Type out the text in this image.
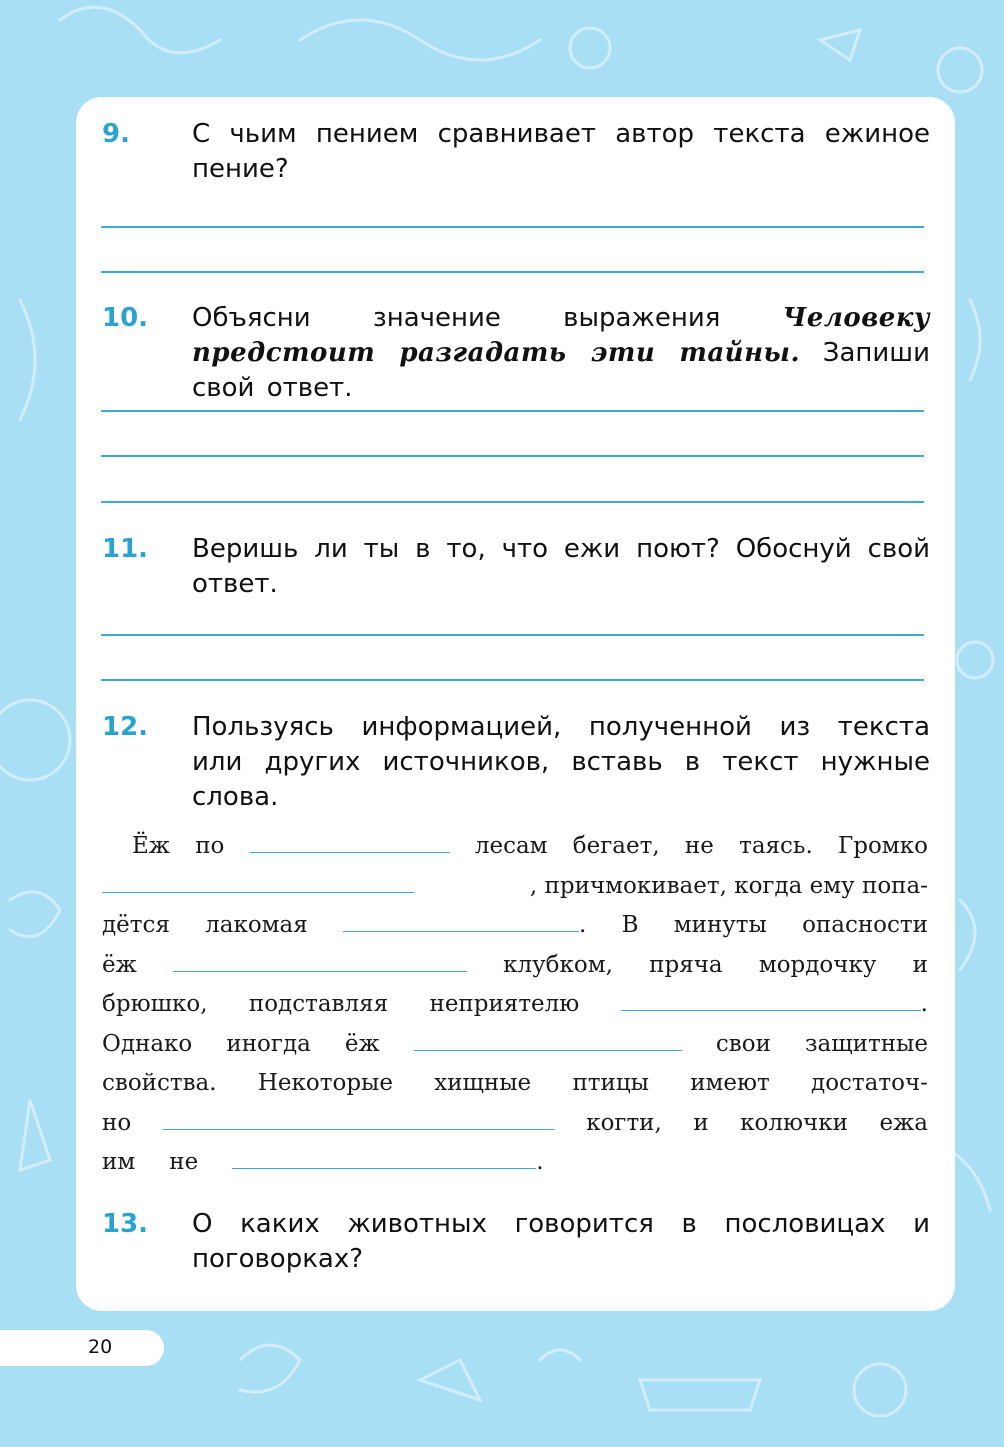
9. С чьим пением сравнивает автор текста ежиное пение?
10. Объясни значение выражения Человеку предстоит разгадать эти тайны. Запиши свой ответ.
11. Веришь ли ты в то, что ежи поют? Обоснуй свой ответ.
12. Пользуясь информацией, полученной из текста или других источников, вставь в текст нужные слова.
Ёж по	лесам бегает, не таясь. Громко
, причмокивает, когда ему попа-
дётся лакомая	. В минуты опасности
ёж	клубком, пряча мордочку и
брюшко, подставляя неприятелю	.
Однако иногда ёж	свои защитные
свойства. Некоторые хищные птицы имеют достаточ-
но	когти, и колючки ежа
им не	.
13. О каких животных говорится в пословицах и поговорках?
20
